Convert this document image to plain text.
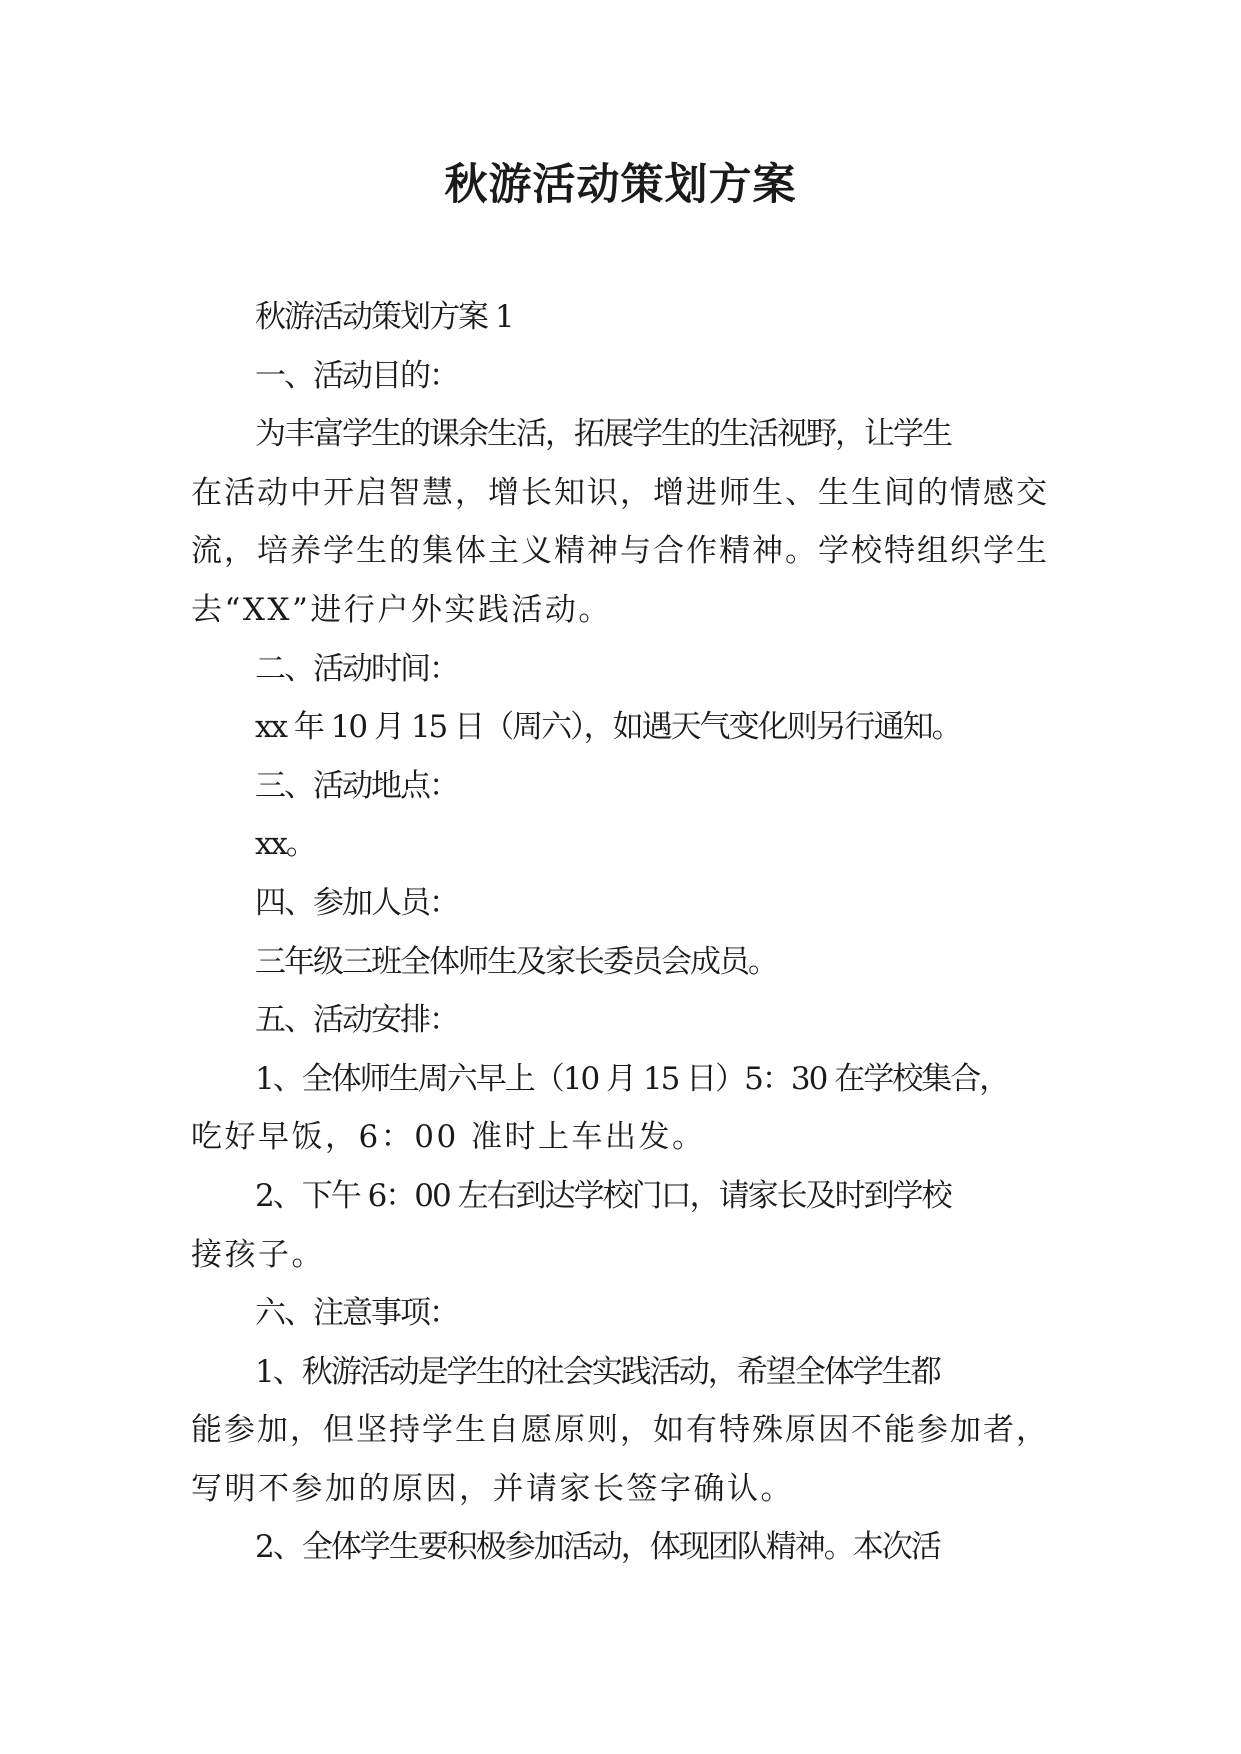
秋游活动策划方案
秋游活动策划方案 1
一、活动目的：
为丰富学生的课余生活，拓展学生的生活视野，让学生
在活动中开启智慧，增长知识，增进师生、生生间的情感交
流，培养学生的集体主义精神与合作精神。学校特组织学生
去“XX”进行户外实践活动。
二、活动时间：
xx 年 10 月 15 日（周六），如遇天气变化则另行通知。
三、活动地点：
xx。
四、参加人员：
三年级三班全体师生及家长委员会成员。
五、活动安排：
1、全体师生周六早上（10 月 15 日）5：30 在学校集合，
吃好早饭，6：00 准时上车出发。
2、下午 6：00 左右到达学校门口，请家长及时到学校
接孩子。
六、注意事项：
1、秋游活动是学生的社会实践活动，希望全体学生都
能参加，但坚持学生自愿原则，如有特殊原因不能参加者，
写明不参加的原因，并请家长签字确认。
2、全体学生要积极参加活动，体现团队精神。本次活
